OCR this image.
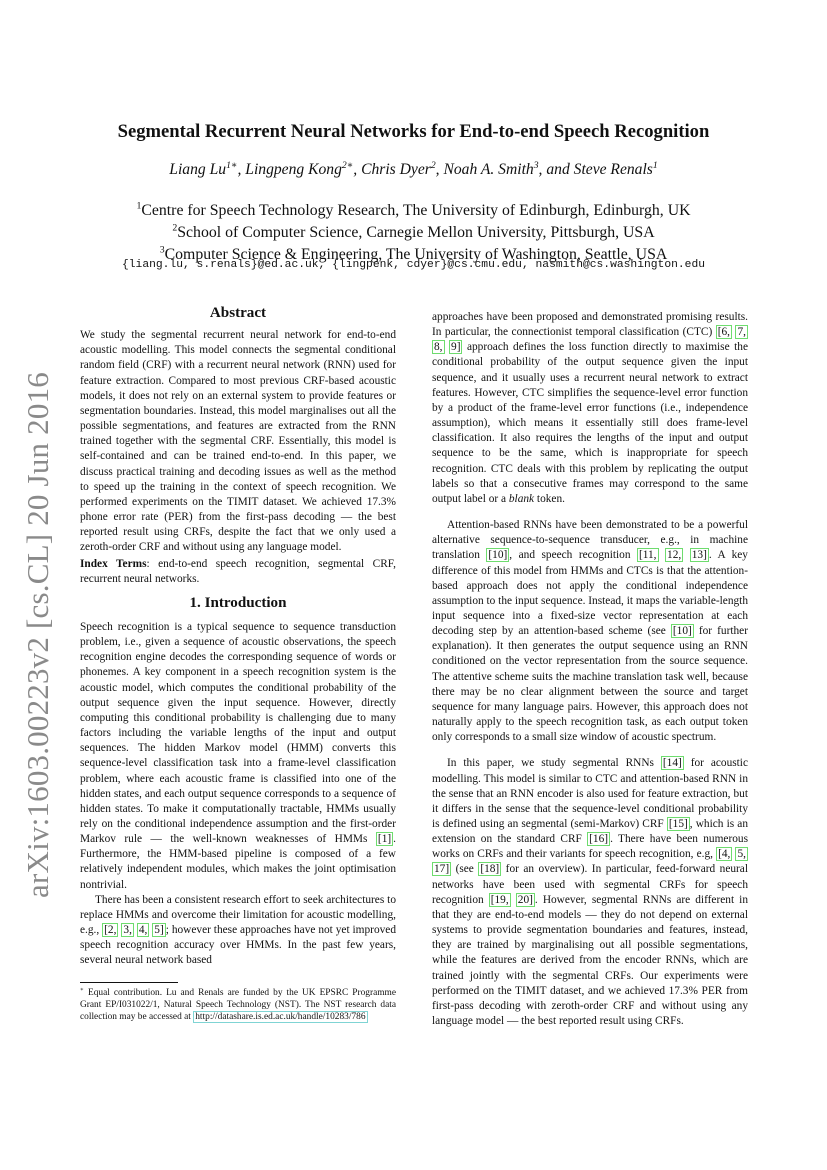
arXiv:1603.00223v2 [cs.CL] 20 Jun 2016
Segmental Recurrent Neural Networks for End-to-end Speech Recognition
Liang $Lu^{1∗}$, Lingpeng Kong$^{2∗}$, Chris Dyer$^2$, Noah A. Smith$^3$, and Steve Renals$^1$
$^1$Centre for Speech Technology Research, The University of Edinburgh, Edinburgh, UK
$^2$School of Computer Science, Carnegie Mellon University, Pittsburgh, USA
$^3$Computer Science & Engineering, The University of Washington, Seattle, USA
{liang.lu, s.renals}@ed.ac.uk, {lingpenk, cdyer}@cs.cmu.edu, nasmith@cs.washington.edu
Abstract

We study the segmental recurrent neural network for end-to-end acoustic modelling. This model connects the segmental conditional random field (CRF) with a recurrent neural network (RNN) used for feature extraction. Compared to most previous CRF-based acoustic models, it does not rely on an external system to provide features or segmentation boundaries. Instead, this model marginalises out all the possible segmentations, and features are extracted from the RNN trained together with the segmental CRF. Essentially, this model is self-contained and can be trained end-to-end. In this paper, we discuss practical training and decoding issues as well as the method to speed up the training in the context of speech recognition. We performed experiments on the TIMIT dataset. We achieved 17.3% phone error rate (PER) from the first-pass decoding — the best reported result using CRFs, despite the fact that we only used a zeroth-order CRF and without using any language model.

Index Terms: end-to-end speech recognition, segmental CRF, recurrent neural networks.

1. Introduction

Speech recognition is a typical sequence to sequence transduction problem, i.e., given a sequence of acoustic observations, the speech recognition engine decodes the corresponding sequence of words or phonemes. A key component in a speech recognition system is the acoustic model, which computes the conditional probability of the output sequence given the input sequence. However, directly computing this conditional probability is challenging due to many factors including the variable lengths of the input and output sequences. The hidden Markov model (HMM) converts this sequence-level classification task into a frame-level classification problem, where each acoustic frame is classified into one of the hidden states, and each output sequence corresponds to a sequence of hidden states. To make it computationally tractable, HMMs usually rely on the conditional independence assumption and the first-order Markov rule — the well-known weaknesses of HMMs [1] . Furthermore, the HMM-based pipeline is composed of a few relatively independent modules, which makes the joint optimisation nontrivial.

There has been a consistent research effort to seek architectures to replace HMMs and overcome their limitation for acoustic modelling, e.g., [2, 3, 4, 5] ; however these approaches have not yet improved speech recognition accuracy over HMMs. In the past few years, several neural network based

∗ Equal contribution. Lu and Renals are funded by the UK EPSRC Programme Grant EP/I031022/1, Natural Speech Technology (NST). The NST research data collection may be accessed at http://datashare.is.ed.ac.uk/handle/10283/786

approaches have been proposed and demonstrated promising results. In particular, the connectionist temporal classification (CTC) [6, 7, 8, 9] approach defines the loss function directly to maximise the conditional probability of the output sequence given the input sequence, and it usually uses a recurrent neural network to extract features. However, CTC simplifies the sequence-level error function by a product of the frame-level error functions (i.e., independence assumption), which means it essentially still does frame-level classification. It also requires the lengths of the input and output sequence to be the same, which is inappropriate for speech recognition. CTC deals with this problem by replicating the output labels so that a consecutive frames may correspond to the same output label or a blank token.

Attention-based RNNs have been demonstrated to be a powerful alternative sequence-to-sequence transducer, e.g., in machine translation [10] , and speech recognition [11, 12, 13] . A key difference of this model from HMMs and CTCs is that the attention-based approach does not apply the conditional independence assumption to the input sequence. Instead, it maps the variable-length input sequence into a fixed-size vector representation at each decoding step by an attention-based scheme (see [10] for further explanation). It then generates the output sequence using an RNN conditioned on the vector representation from the source sequence. The attentive scheme suits the machine translation task well, because there may be no clear alignment between the source and target sequence for many language pairs. However, this approach does not naturally apply to the speech recognition task, as each output token only corresponds to a small size window of acoustic spectrum.

In this paper, we study segmental RNNs [14] for acoustic modelling. This model is similar to CTC and attention-based RNN in the sense that an RNN encoder is also used for feature extraction, but it differs in the sense that the sequence-level conditional probability is defined using an segmental (semi-Markov) CRF [15] , which is an extension on the standard CRF [16] . There have been numerous works on CRFs and their variants for speech recognition, e.g, [4, 5, 17] (see [18] for an overview). In particular, feed-forward neural networks have been used with segmental CRFs for speech recognition [19, 20] . However, segmental RNNs are different in that they are end-to-end models — they do not depend on external systems to provide segmentation boundaries and features, instead, they are trained by marginalising out all possible segmentations, while the features are derived from the encoder RNNs, which are trained jointly with the segmental CRFs. Our experiments were performed on the TIMIT dataset, and we achieved 17.3% PER from first-pass decoding with zeroth-order CRF and without using any language model — the best reported result using CRFs.
